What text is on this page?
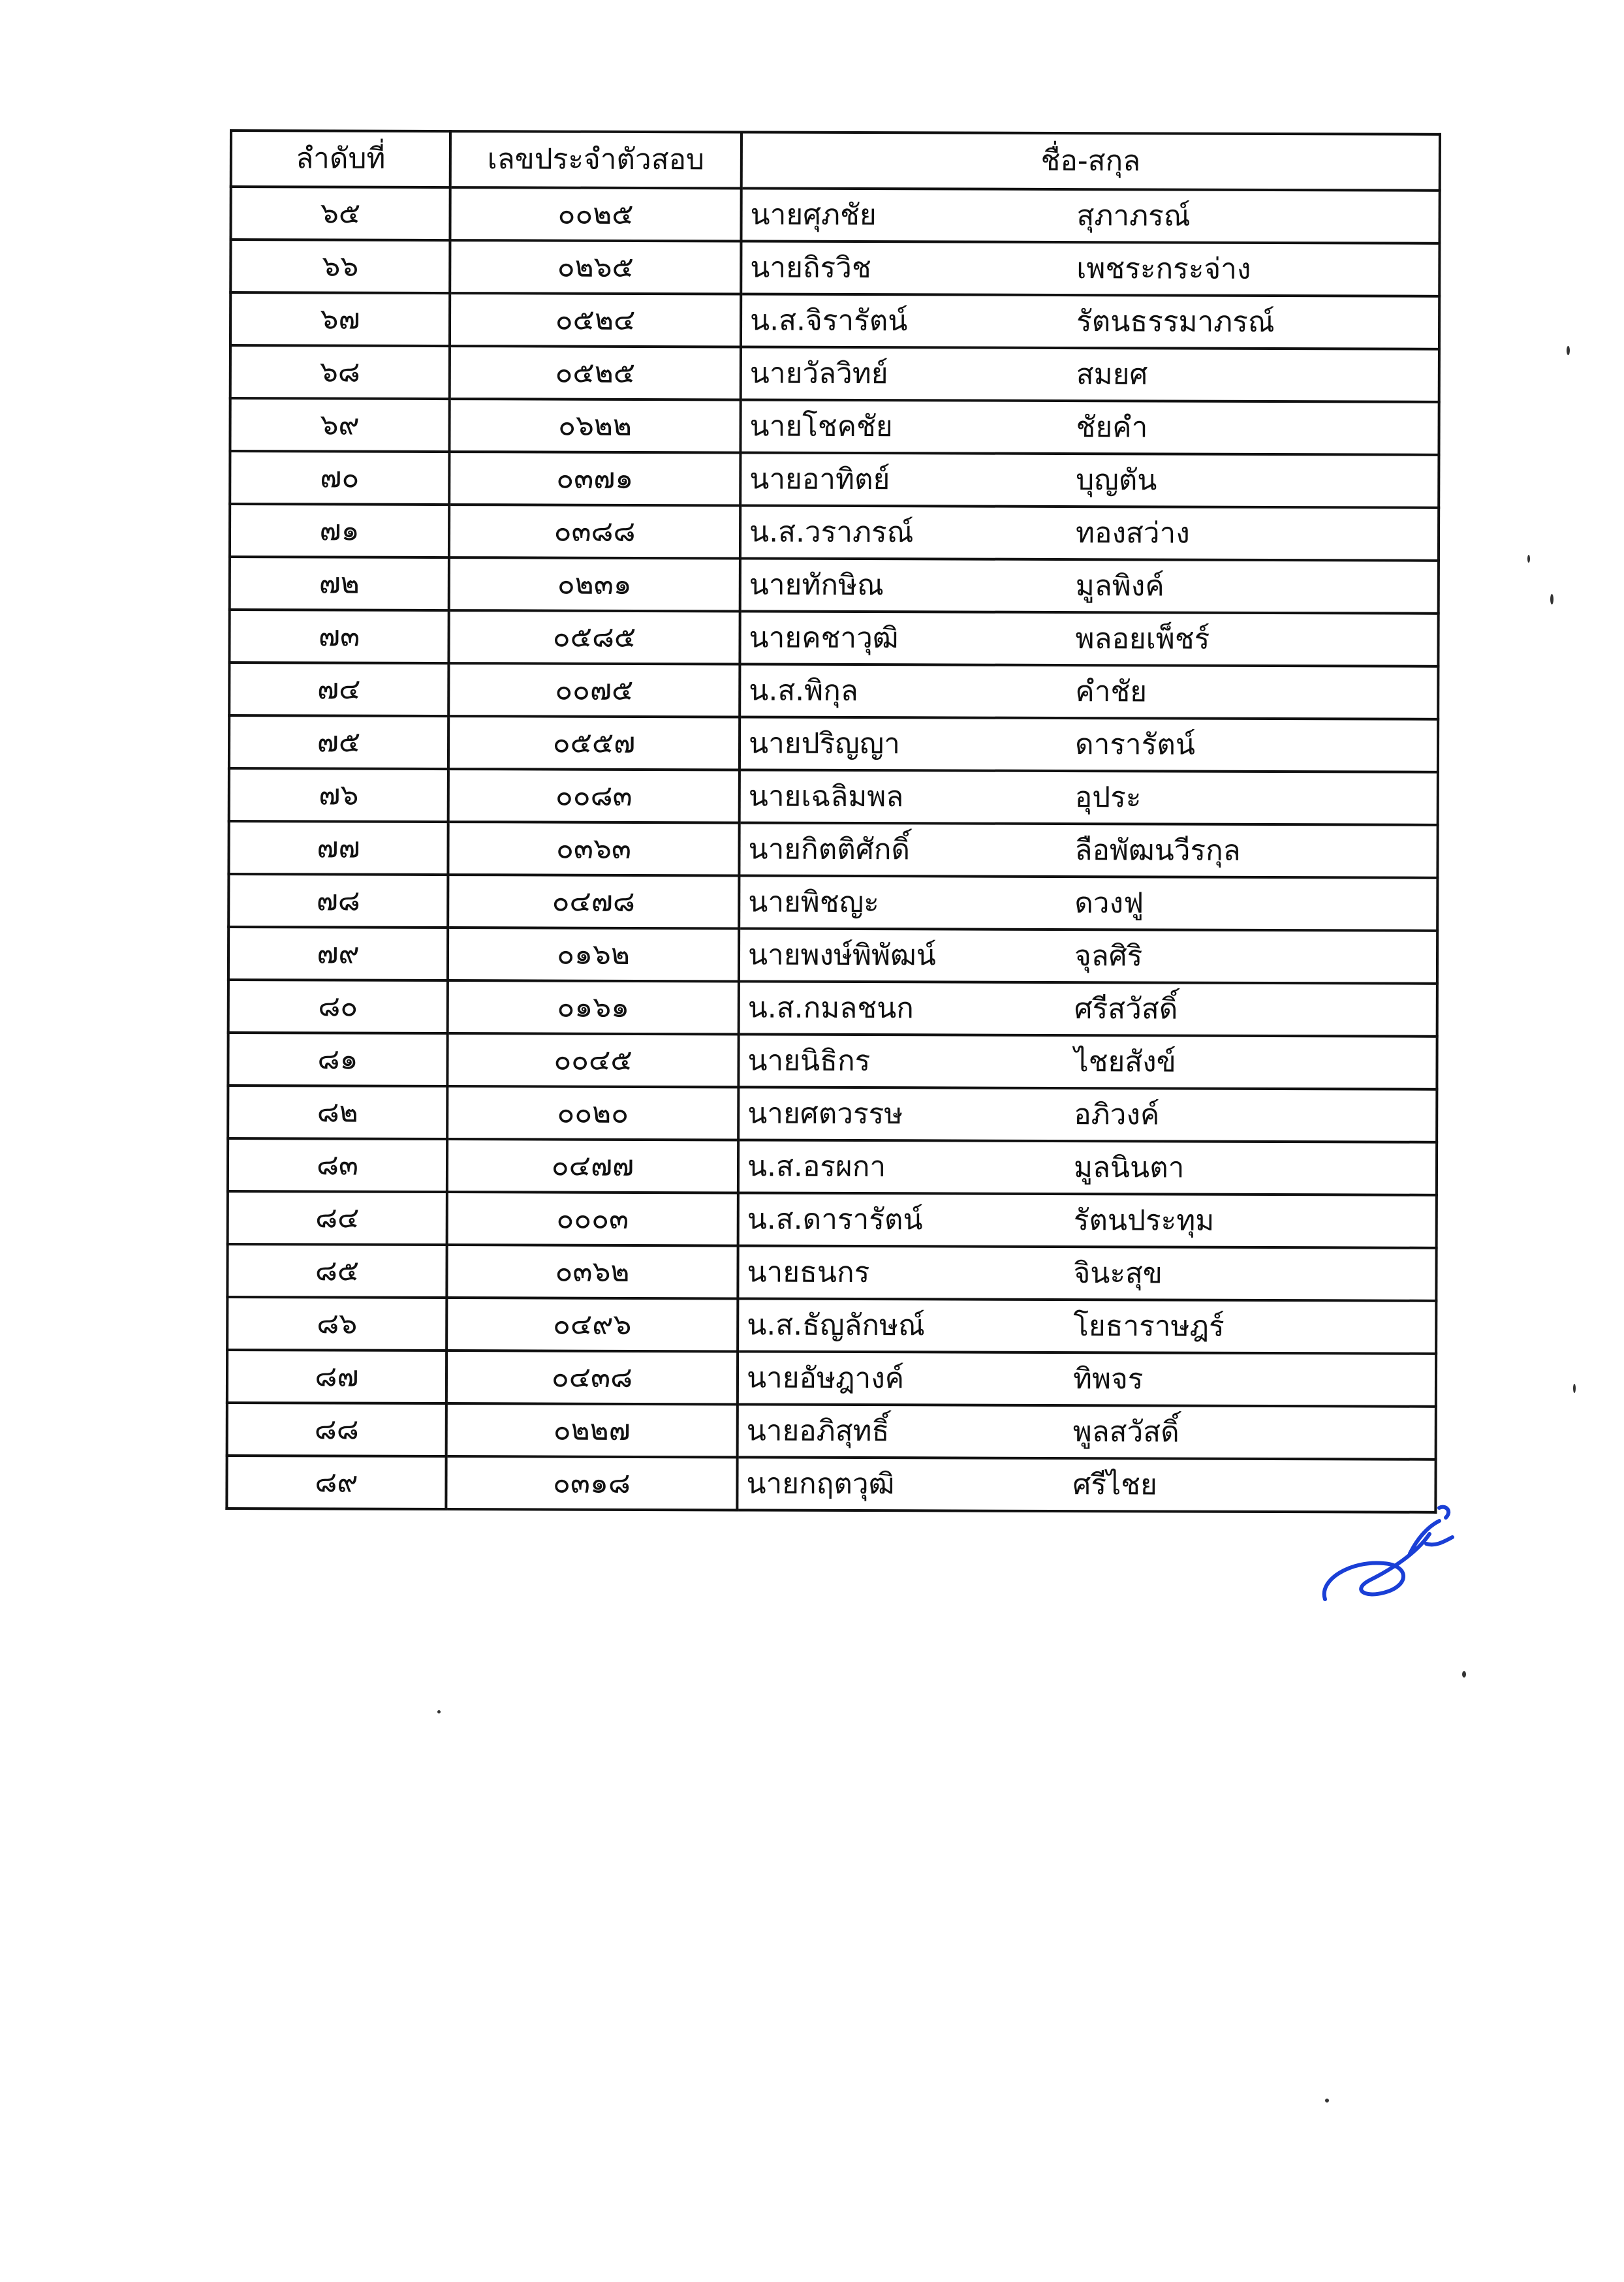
ลำดับที่	เลขประจำตัวสอบ	ชื่อ-สกุล
๖๕	๐๐๒๕	นายศุภชัย สุภาภรณ์

๖๖	๐๒๖๕	นายถิรวิช เพชระกระจ่าง

๖๗	๐๕๒๔	น.ส.จิรารัตน์ รัตนธรรมาภรณ์

๖๘	๐๕๒๕	นายวัลวิทย์ สมยศ

๖๙	๐๖๒๒	นายโชคชัย ชัยคำ

๗๐	๐๓๗๑	นายอาทิตย์ บุญตัน

๗๑	๐๓๘๘	น.ส.วราภรณ์ ทองสว่าง

๗๒	๐๒๓๑	นายทักษิณ มูลพิงค์

๗๓	๐๕๘๕	นายคชาวุฒิ พลอยเพ็ชร์

๗๔	๐๐๗๕	น.ส.พิกุล คำชัย

๗๕	๐๕๕๗	นายปริญญา ดารารัตน์

๗๖	๐๐๘๓	นายเฉลิมพล อุประ

๗๗	๐๓๖๓	นายกิตติศักดิ์ ลือพัฒนวีรกุล

๗๘	๐๔๗๘	นายพิชญะ ดวงฟู

๗๙	๐๑๖๒	นายพงษ์พิพัฒน์ จุลศิริ

๘๐	๐๑๖๑	น.ส.กมลชนก ศรีสวัสดิ์

๘๑	๐๐๔๕	นายนิธิกร ไชยสังข์

๘๒	๐๐๒๐	นายศตวรรษ อภิวงค์

๘๓	๐๔๗๗	น.ส.อรผกา มูลนินตา

๘๔	๐๐๐๓	น.ส.ดารารัตน์ รัตนประทุม

๘๕	๐๓๖๒	นายธนกร จินะสุข

๘๖	๐๔๙๖	น.ส.ธัญลักษณ์ โยธาราษฎร์

๘๗	๐๔๓๘	นายอัษฎางค์ ทิพจร

๘๘	๐๒๒๗	นายอภิสุทธิ์ พูลสวัสดิ์

๘๙	๐๓๑๘	นายกฤตวุฒิ ศรีไชย
